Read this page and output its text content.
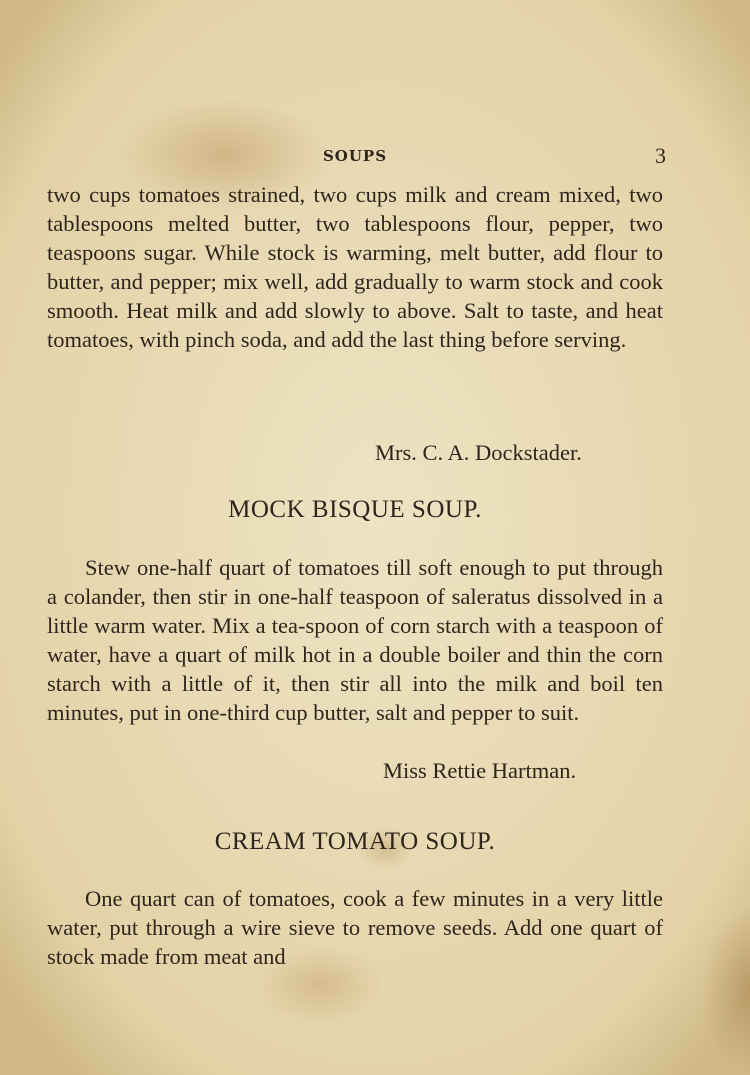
SOUPS	3

two cups tomatoes strained, two cups milk and cream mixed, two tablespoons melted butter, two tablespoons flour, pepper, two teaspoons sugar. While stock is warming, melt butter, add flour to butter, and pepper; mix well, add gradually to warm stock and cook smooth. Heat milk and add slowly to above. Salt to taste, and heat tomatoes, with pinch soda, and add the last thing before serving.

Mrs. C. A. Dockstader.
MOCK BISQUE SOUP.

Stew one-half quart of tomatoes till soft enough to put through a colander, then stir in one-half teaspoon of saleratus dissolved in a little warm water. Mix a tea-spoon of corn starch with a teaspoon of water, have a quart of milk hot in a double boiler and thin the corn starch with a little of it, then stir all into the milk and boil ten minutes, put in one-third cup butter, salt and pepper to suit.

Miss Rettie Hartman.
CREAM TOMATO SOUP.

One quart can of tomatoes, cook a few minutes in a very little water, put through a wire sieve to remove seeds. Add one quart of stock made from meat and
